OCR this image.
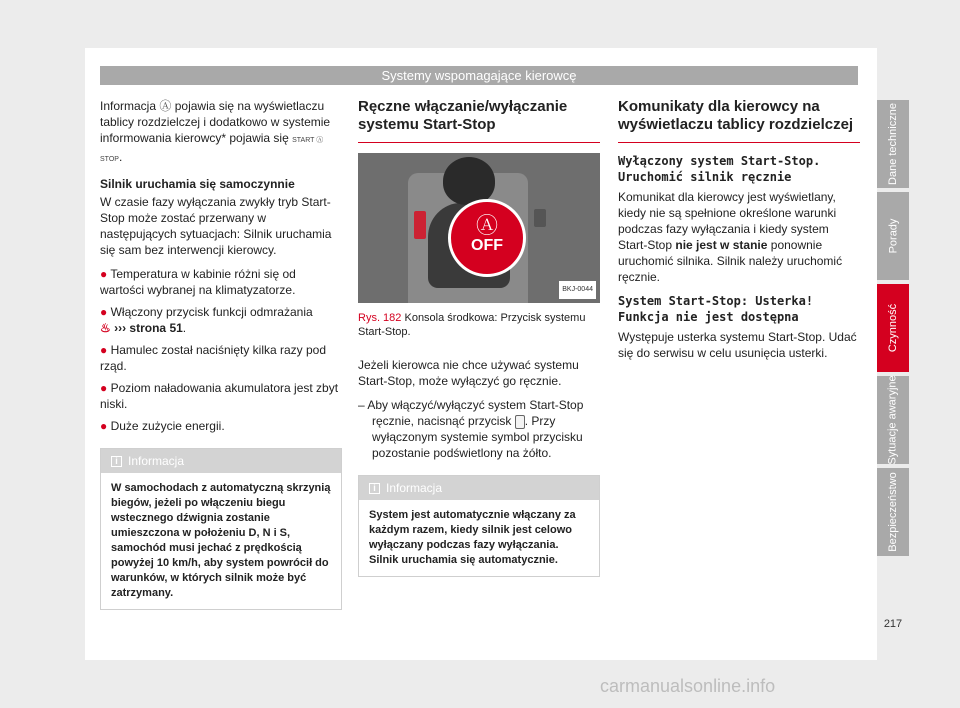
Systemy wspomagające kierowcę

Informacja Ⓐ pojawia się na wyświetlaczu tablicy rozdzielczej i dodatkowo w systemie informowania kierowcy* pojawia się START Ⓐ STOP.

Silnik uruchamia się samoczynnie

W czasie fazy wyłączania zwykły tryb Start-Stop może zostać przerwany w następujących sytuacjach: Silnik uruchamia się sam bez interwencji kierowcy.

● Temperatura w kabinie różni się od wartości wybranej na klimatyzatorze.
● Włączony przycisk funkcji odmrażania
♨ ››› strona 51.
● Hamulec został naciśnięty kilka razy pod rząd.
● Poziom naładowania akumulatora jest zbyt niski.
● Duże zużycie energii.
i Informacja
W samochodach z automatyczną skrzynią biegów, jeżeli po włączeniu biegu wstecznego dźwignia zostanie umieszczona w położeniu D, N i S, samochód musi jechać z prędkością powyżej 10 km/h, aby system powrócił do warunków, w których silnik może być zatrzymany.
Ręczne włączanie/wyłączanie systemu Start-Stop
Ⓐ
OFF
BKJ-0044
Rys. 182 Konsola środkowa: Przycisk systemu Start-Stop.

Jeżeli kierowca nie chce używać systemu Start-Stop, może wyłączyć go ręcznie.

– Aby włączyć/wyłączyć system Start-Stop ręcznie, nacisnąć przycisk . Przy wyłączonym systemie symbol przycisku pozostanie podświetlony na żółto.

i Informacja
System jest automatycznie włączany za każdym razem, kiedy silnik jest celowo wyłączany podczas fazy wyłączania. Silnik uruchamia się automatycznie.
Komunikaty dla kierowcy na wyświetlaczu tablicy rozdzielczej
Wyłączony system Start-Stop. Uruchomić silnik ręcznie

Komunikat dla kierowcy jest wyświetlany, kiedy nie są spełnione określone warunki podczas fazy wyłączania i kiedy system Start-Stop nie jest w stanie ponownie uruchomić silnika. Silnik należy uruchomić ręcznie.

System Start-Stop: Usterka! Funkcja nie jest dostępna

Występuje usterka systemu Start-Stop. Udać się do serwisu w celu usunięcia usterki.

Dane techniczne
Porady
Czynność
Sytuacje awaryjne
Bezpieczeństwo
217
carmanualsonline.info
